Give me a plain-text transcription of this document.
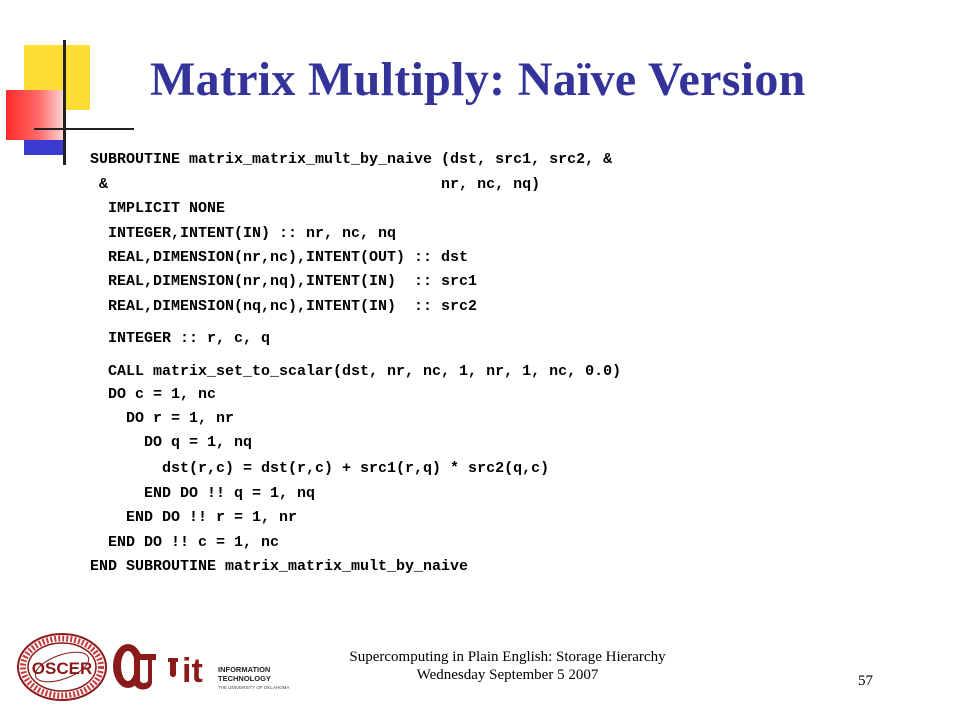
Matrix Multiply: Naïve Version
SUBROUTINE matrix_matrix_mult_by_naive (dst, src1, src2, &
&                                     nr, nc, nq)
IMPLICIT NONE
INTEGER,INTENT(IN) :: nr, nc, nq
REAL,DIMENSION(nr,nc),INTENT(OUT) :: dst
REAL,DIMENSION(nr,nq),INTENT(IN)  :: src1
REAL,DIMENSION(nq,nc),INTENT(IN)  :: src2
INTEGER :: r, c, q
CALL matrix_set_to_scalar(dst, nr, nc, 1, nr, 1, nc, 0.0)
DO c = 1, nc
DO r = 1, nr
DO q = 1, nq
dst(r,c) = dst(r,c) + src1(r,q) * src2(q,c)
END DO !! q = 1, nq
END DO !! r = 1, nr
END DO !! c = 1, nc
END SUBROUTINE matrix_matrix_mult_by_naive
OSCER
OU
it INFORMATION
TECHNOLOGY
THE UNIVERSITY OF OKLAHOMA
Supercomputing in Plain English: Storage Hierarchy
Wednesday September 5 2007	57
